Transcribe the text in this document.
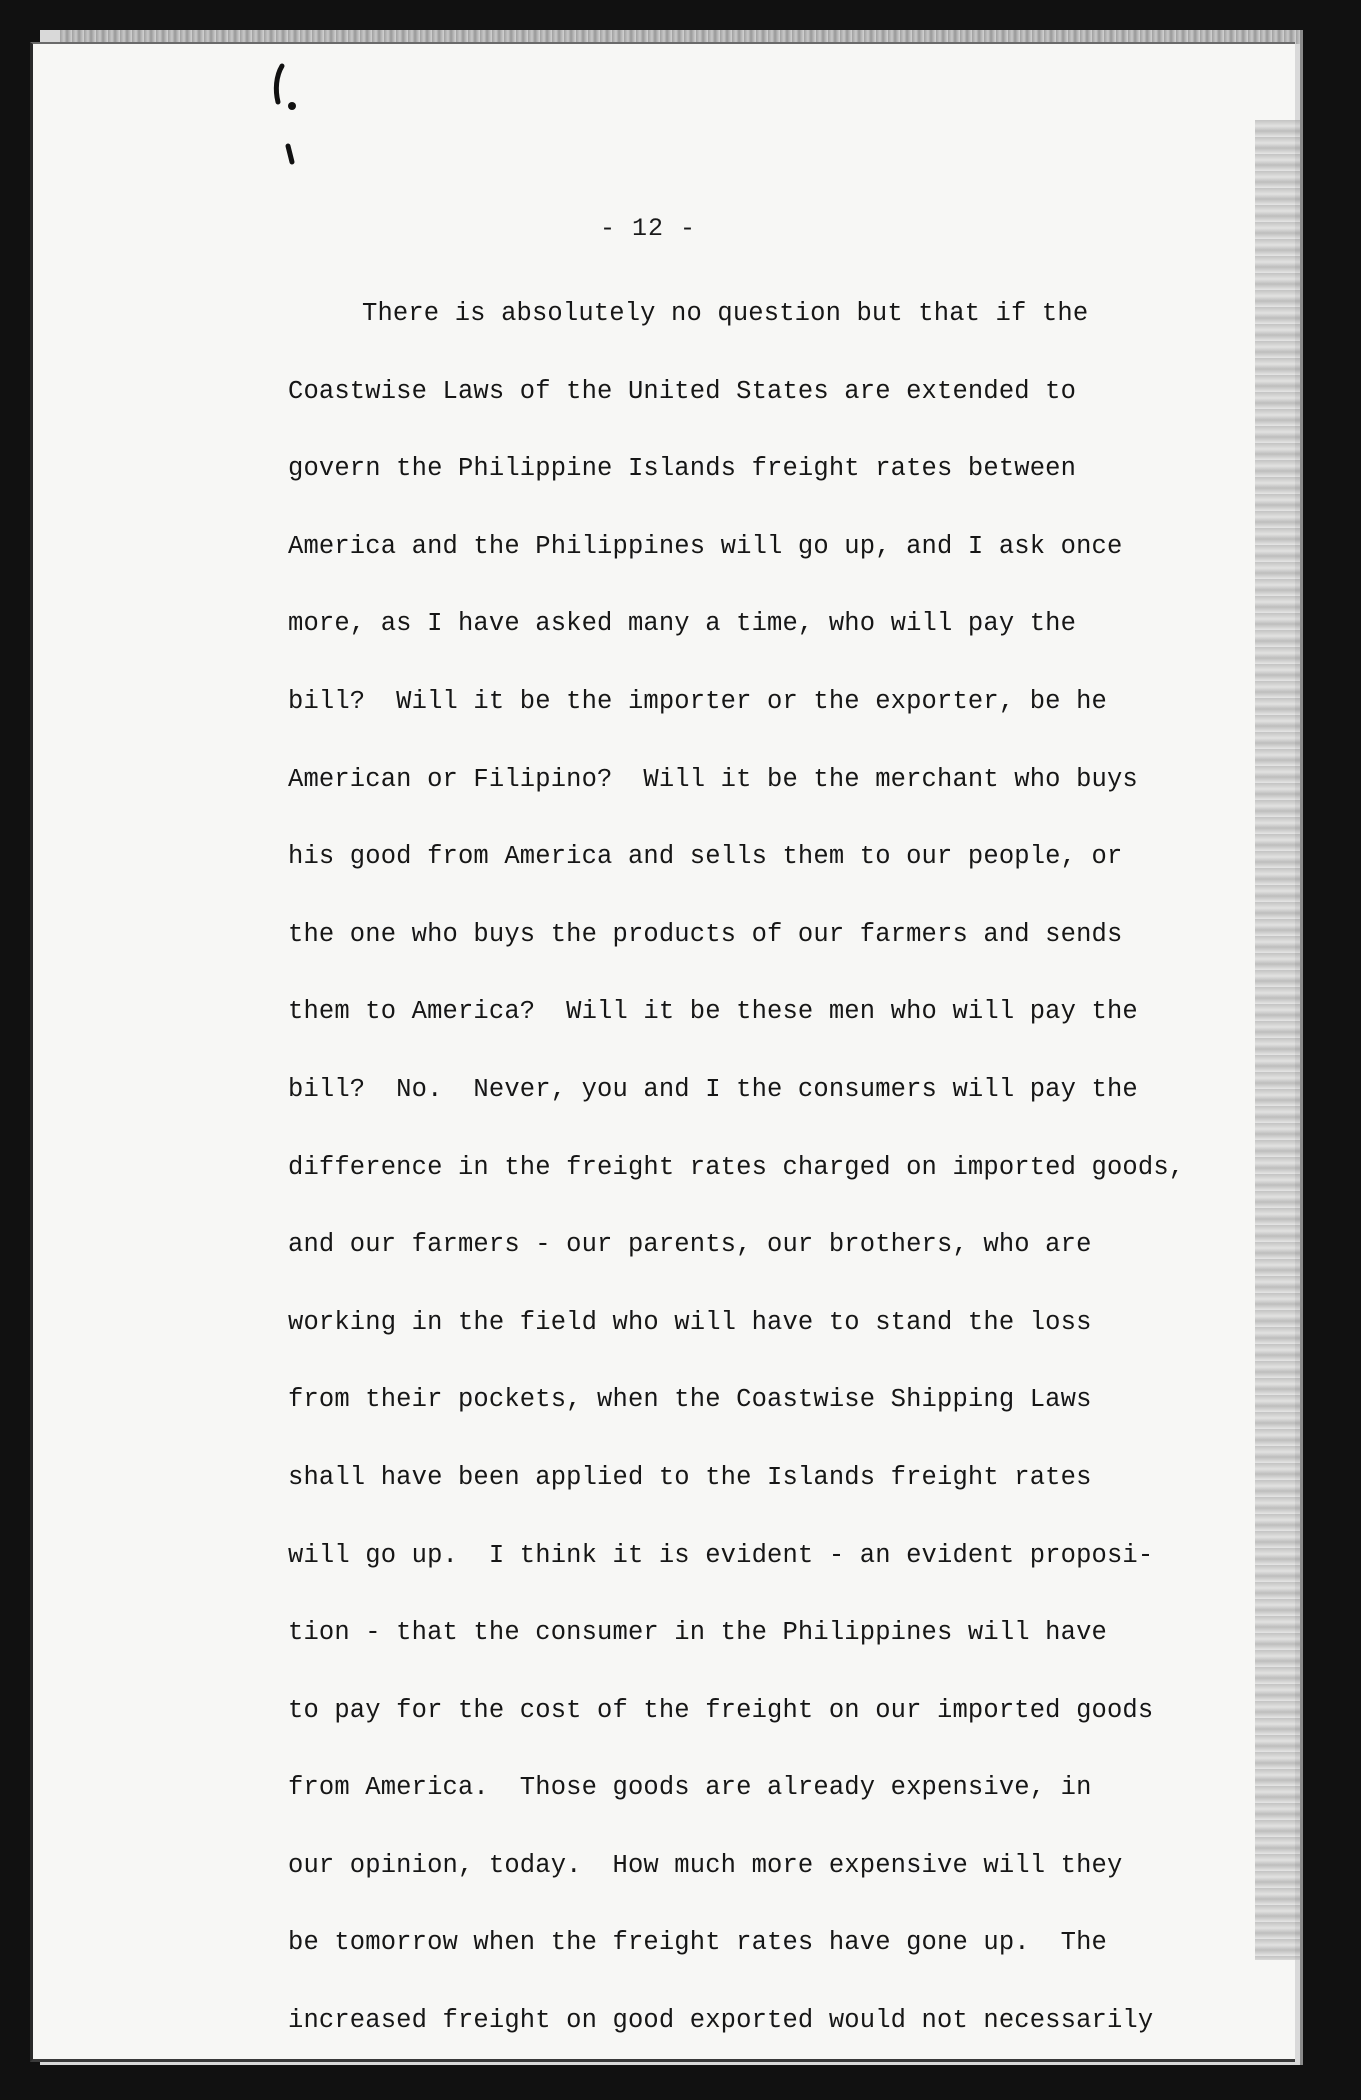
- 12 -
There is absolutely no question but that if the
Coastwise Laws of the United States are extended to
govern the Philippine Islands freight rates between
America and the Philippines will go up, and I ask once
more, as I have asked many a time, who will pay the
bill?  Will it be the importer or the exporter, be he
American or Filipino?  Will it be the merchant who buys
his good from America and sells them to our people, or
the one who buys the products of our farmers and sends
them to America?  Will it be these men who will pay the
bill?  No.  Never, you and I the consumers will pay the
difference in the freight rates charged on imported goods,
and our farmers - our parents, our brothers, who are
working in the field who will have to stand the loss
from their pockets, when the Coastwise Shipping Laws
shall have been applied to the Islands freight rates
will go up.  I think it is evident - an evident proposi-
tion - that the consumer in the Philippines will have
to pay for the cost of the freight on our imported goods
from America.  Those goods are already expensive, in
our opinion, today.  How much more expensive will they
be tomorrow when the freight rates have gone up.  The
increased freight on good exported would not necessarily
